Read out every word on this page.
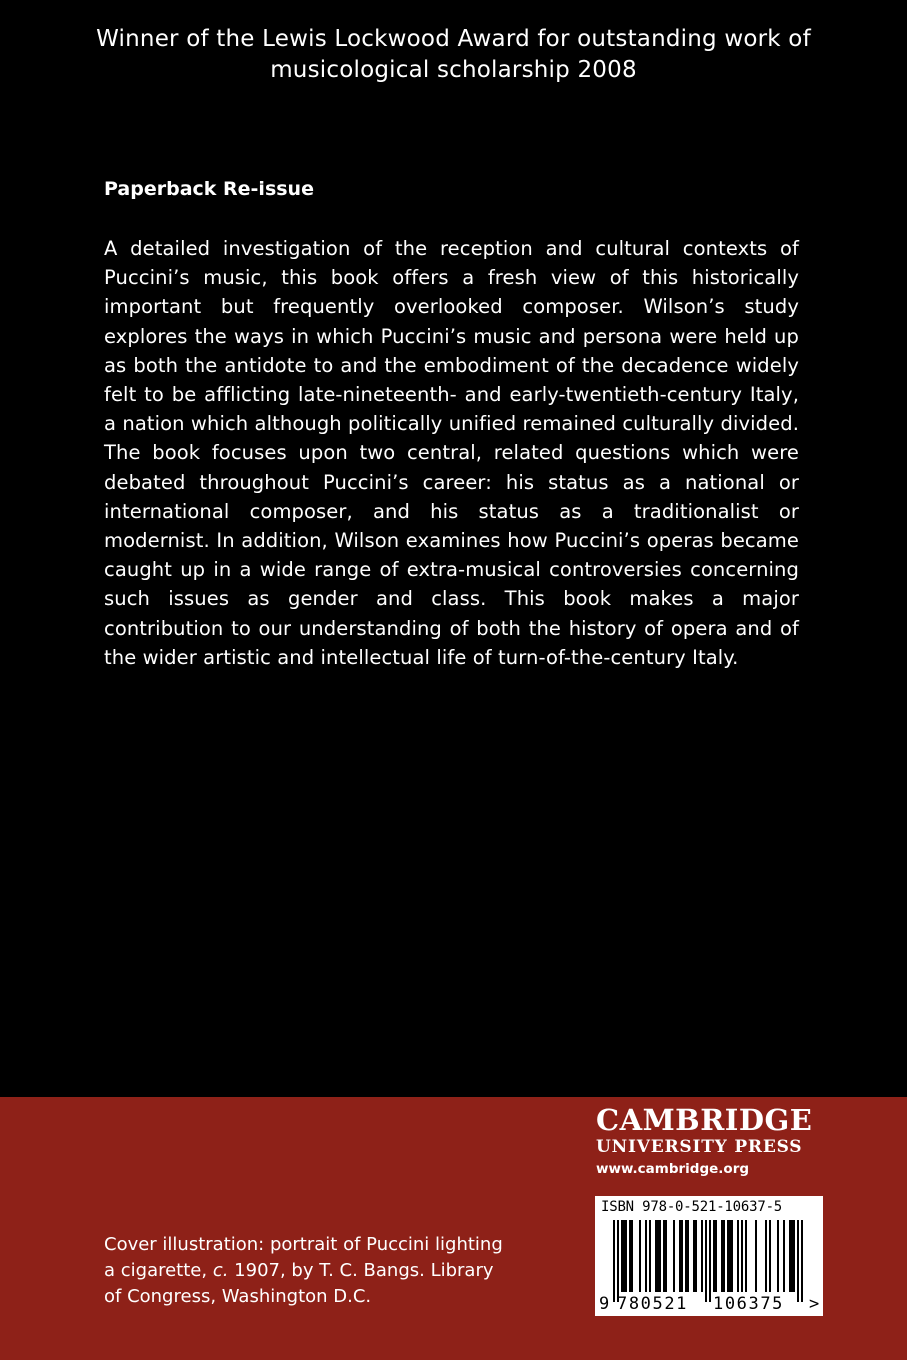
Winner of the Lewis Lockwood Award for outstanding work of
musicological scholarship 2008
Paperback Re-issue
A detailed investigation of the reception and cultural contexts of Puccini’s music, this book offers a fresh view of this historically important but frequently overlooked composer. Wilson’s study explores the ways in which Puccini’s music and persona were held up as both the antidote to and the embodiment of the decadence widely felt to be afflicting late-nineteenth- and early-twentieth-century Italy, a nation which although politically unified remained culturally divided. The book focuses upon two central, related questions which were debated throughout Puccini’s career: his status as a national or international composer, and his status as a traditionalist or modernist. In addition, Wilson examines how Puccini’s operas became caught up in a wide range of extra-musical controversies concerning such issues as gender and class. This book makes a major contribution to our understanding of both the history of opera and of the wider artistic and intellectual life of turn-of-the-century Italy.
CAMBRIDGE
UNIVERSITY PRESS
www.cambridge.org
Cover illustration: portrait of Puccini lighting a cigarette, c. 1907, by T. C. Bangs. Library of Congress, Washington D.C.
ISBN 978-0-521-10637-5
9 780521 106375 >
